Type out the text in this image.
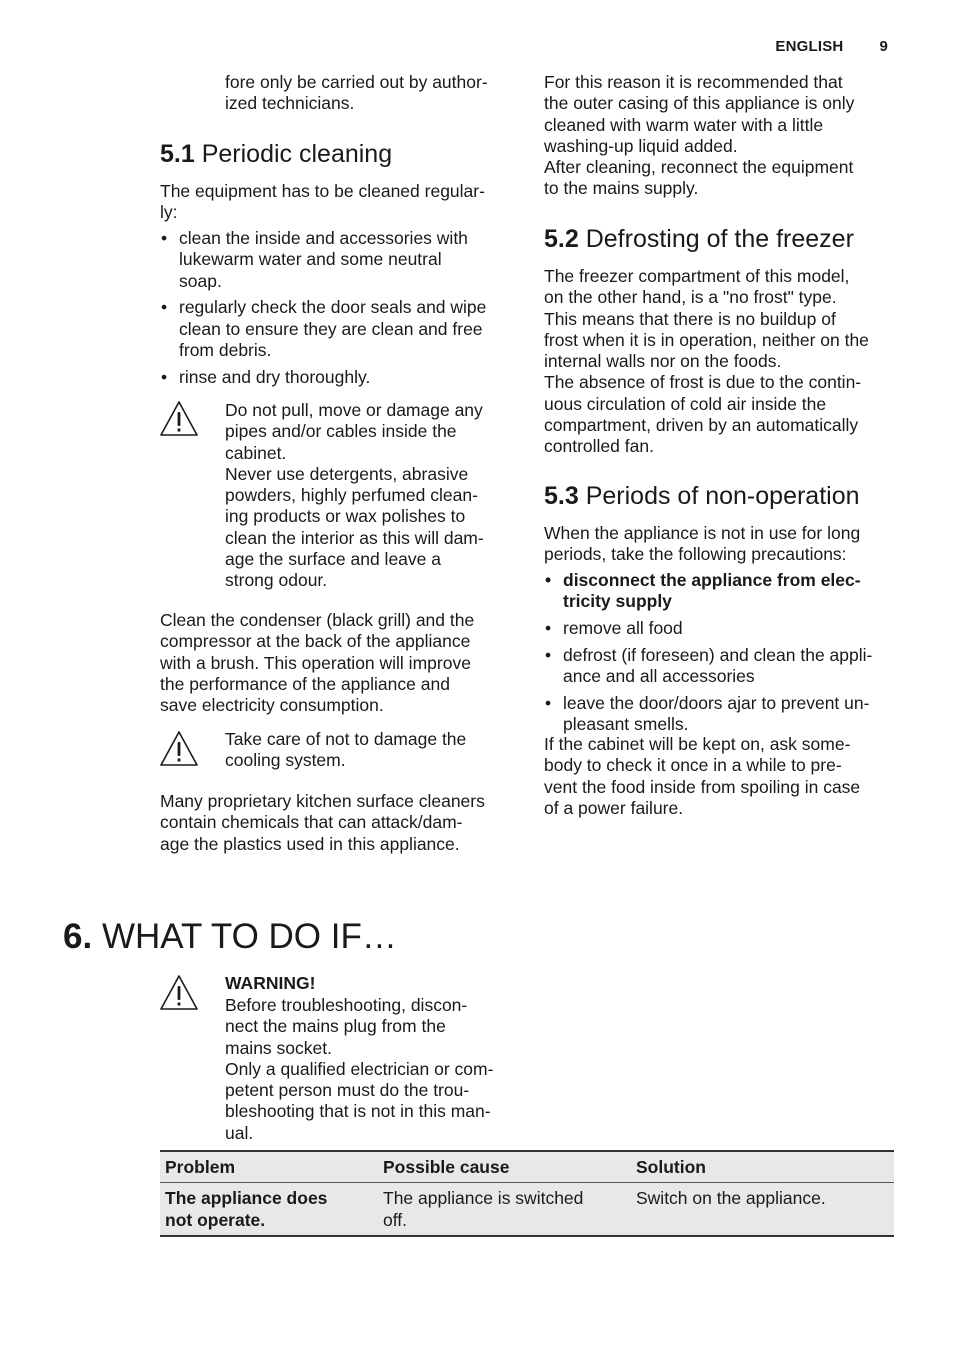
ENGLISH 9

fore only be carried out by author-
ized technicians.

5.1 Periodic cleaning

The equipment has to be cleaned regular-
ly:

• clean the inside and accessories with
lukewarm water and some neutral
soap.
• regularly check the door seals and wipe
clean to ensure they are clean and free
from debris.
• rinse and dry thoroughly.

Do not pull, move or damage any
pipes and/or cables inside the
cabinet.
Never use detergents, abrasive
powders, highly perfumed clean-
ing products or wax polishes to
clean the interior as this will dam-
age the surface and leave a
strong odour.

Clean the condenser (black grill) and the
compressor at the back of the appliance
with a brush. This operation will improve
the performance of the appliance and
save electricity consumption.

Take care of not to damage the
cooling system.

Many proprietary kitchen surface cleaners
contain chemicals that can attack/dam-
age the plastics used in this appliance.

For this reason it is recommended that
the outer casing of this appliance is only
cleaned with warm water with a little
washing-up liquid added.
After cleaning, reconnect the equipment
to the mains supply.

5.2 Defrosting of the freezer

The freezer compartment of this model,
on the other hand, is a "no frost" type.
This means that there is no buildup of
frost when it is in operation, neither on the
internal walls nor on the foods.
The absence of frost is due to the contin-
uous circulation of cold air inside the
compartment, driven by an automatically
controlled fan.

5.3 Periods of non-operation

When the appliance is not in use for long
periods, take the following precautions:

• disconnect the appliance from elec-
tricity supply
• remove all food
• defrost (if foreseen) and clean the appli-
ance and all accessories
• leave the door/doors ajar to prevent un-
pleasant smells.

If the cabinet will be kept on, ask some-
body to check it once in a while to pre-
vent the food inside from spoiling in case
of a power failure.

6. WHAT TO DO IF…

WARNING!

Before troubleshooting, discon-
nect the mains plug from the
mains socket.
Only a qualified electrician or com-
petent person must do the trou-
bleshooting that is not in this man-
ual.

Problem	Possible cause	Solution
The appliance does
not operate.	The appliance is switched
off.	Switch on the appliance.
